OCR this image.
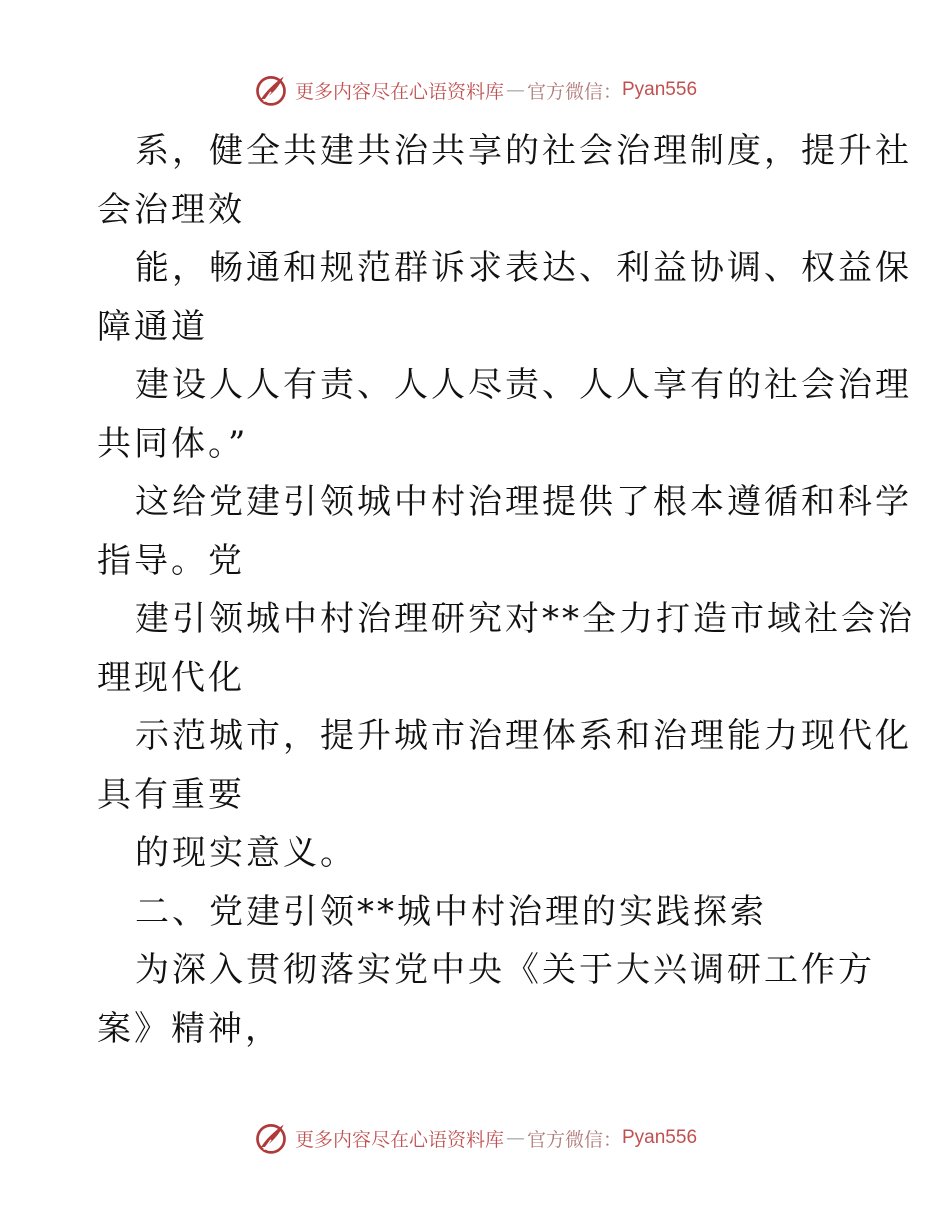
更多内容尽在心语资料库 — 官方微信： Pyan556

系，健全共建共治共享的社会治理制度，提升社
会治理效

能，畅通和规范群诉求表达、利益协调、权益保
障通道

建设人人有责、人人尽责、人人享有的社会治理
共同体。”

这给党建引领城中村治理提供了根本遵循和科学
指导。党

建引领城中村治理研究对**全力打造市域社会治
理现代化

示范城市，提升城市治理体系和治理能力现代化
具有重要

的现实意义。

二、党建引领**城中村治理的实践探索

为深入贯彻落实党中央《关于大兴调研工作方
案》精神，

更多内容尽在心语资料库 — 官方微信： Pyan556
